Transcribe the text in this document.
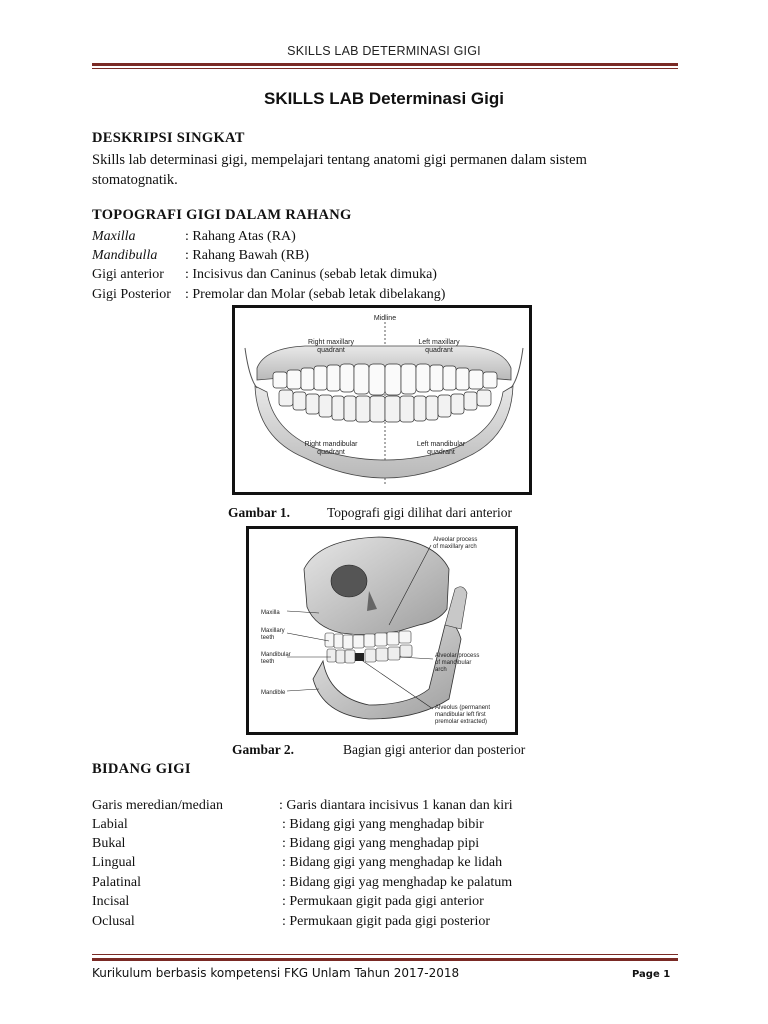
SKILLS LAB DETERMINASI GIGI
SKILLS LAB Determinasi Gigi
DESKRIPSI SINGKAT
Skills lab determinasi gigi, mempelajari tentang anatomi gigi permanen dalam sistem
stomatognatik.
TOPOGRAFI GIGI DALAM RAHANG
Maxilla	: Rahang Atas (RA)
Mandibulla : Rahang Bawah (RB)
Gigi anterior : Incisivus dan Caninus (sebab letak dimuka)
Gigi Posterior : Premolar dan Molar (sebab letak dibelakang)
Midline
Right maxillary
quadrant
Left maxillary
quadrant
Right mandibular
quadrant
Left mandibular
quadrant
Gambar 1.	Topografi gigi dilihat dari anterior
Alveolar process
of maxillary arch
Maxilla
Maxillary
teeth
Mandibular
teeth
Alveolar process
of mandibular
arch
Mandible
Alveolus (permanent
mandibular left first
premolar extracted)
Gambar 2.	Bagian gigi anterior dan posterior
BIDANG GIGI
Garis meredian/median	: Garis diantara incisivus 1 kanan dan kiri
Labial	: Bidang gigi yang menghadap bibir
Bukal	: Bidang gigi yang menghadap pipi
Lingual	: Bidang gigi yang menghadap ke lidah
Palatinal	: Bidang gigi yag menghadap ke palatum
Incisal	: Permukaan gigit pada gigi anterior
Oclusal	: Permukaan gigit pada gigi posterior
Kurikulum berbasis kompetensi FKG Unlam Tahun 2017-2018	Page 1
